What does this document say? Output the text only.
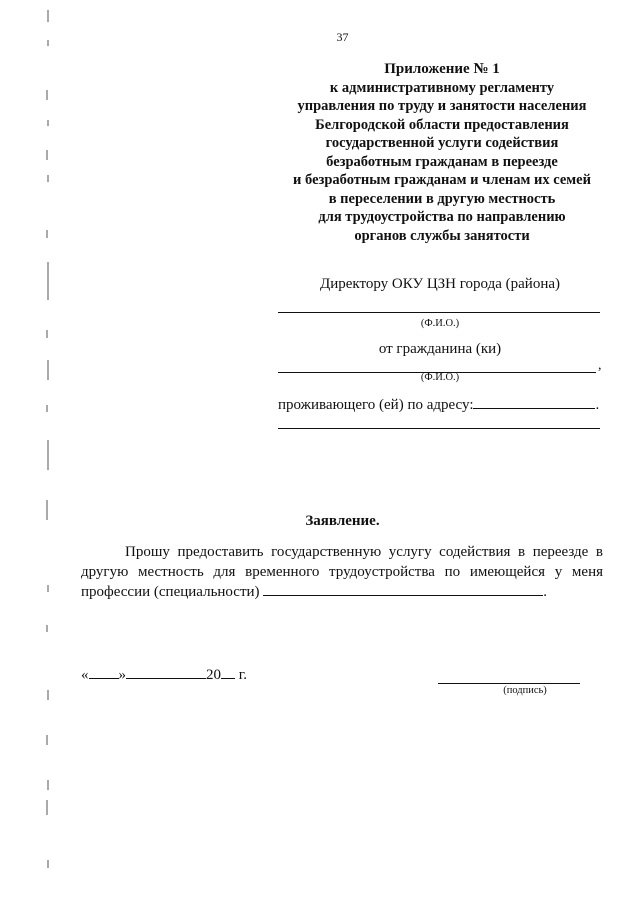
37
Приложение № 1
к административному регламенту
управления по труду и занятости населения
Белгородской области предоставления
государственной услуги содействия
безработным гражданам в переезде
и безработным гражданам и членам их семей
в переселении в другую местность
для трудоустройства по направлению
органов службы занятости
Директору ОКУ ЦЗН города (района)
(Ф.И.О.)
от гражданина (ки)
,
(Ф.И.О.)
проживающего (ей) по адресу:	.
Заявление.

Прошу предоставить государственную услугу содействия в переезде в другую местность для временного трудоустройства по имеющейся у меня профессии (специальности)	.

« »	20 г.
(подпись)
